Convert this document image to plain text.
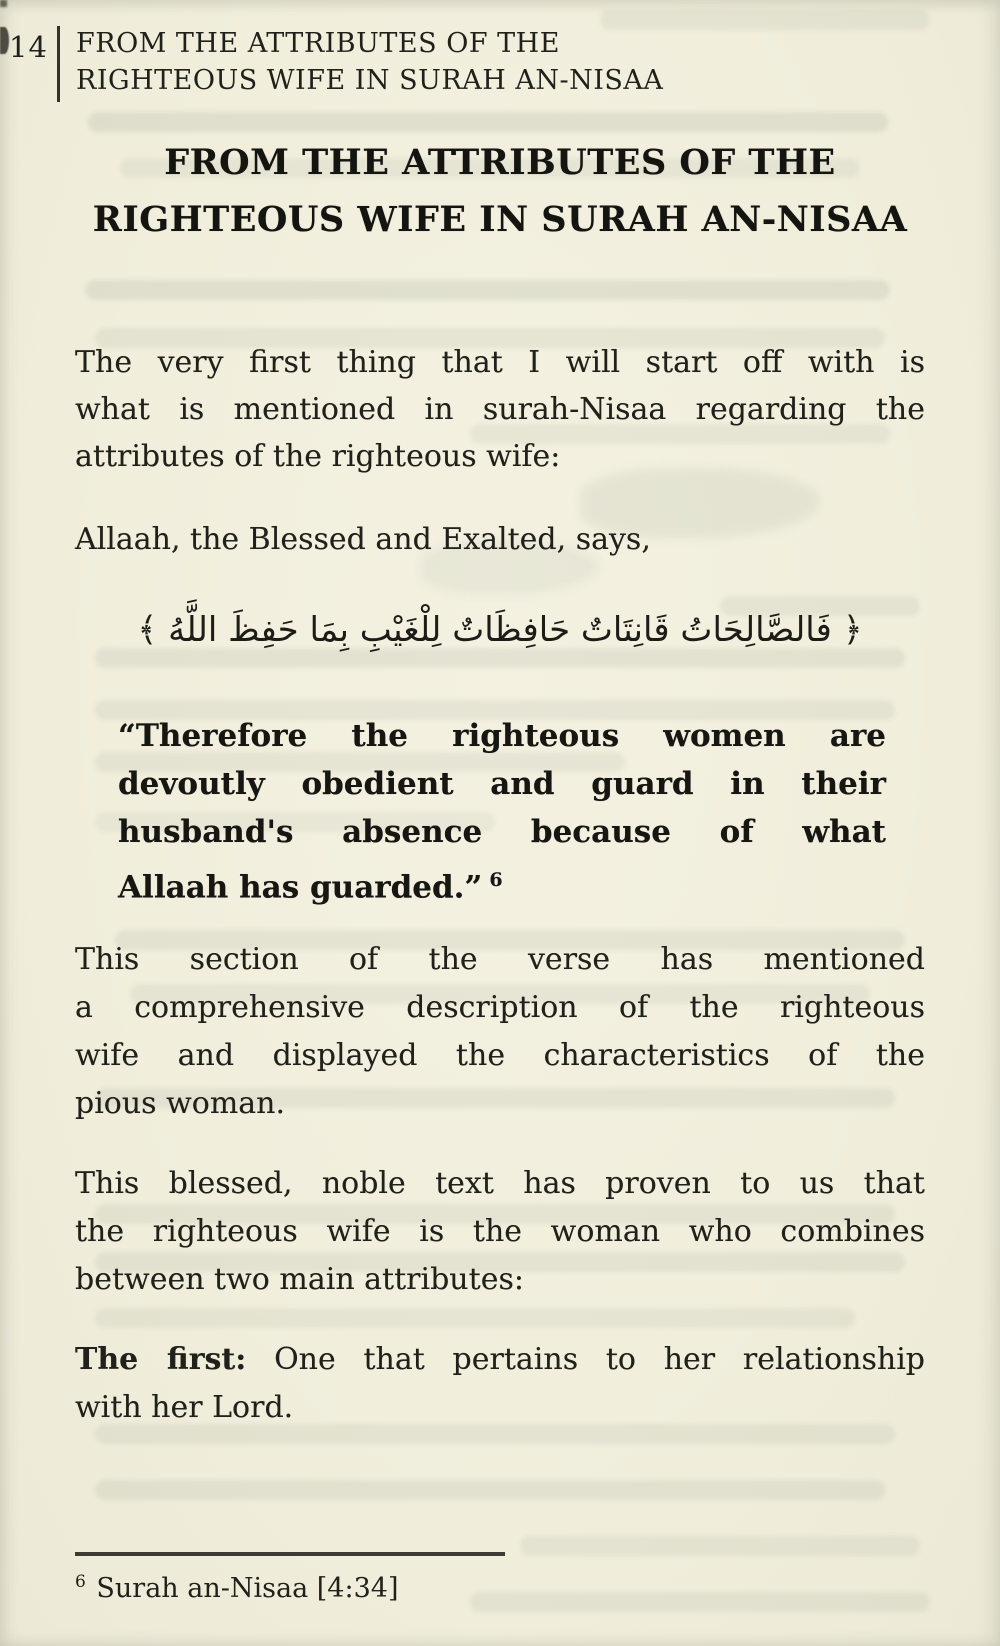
14 FROM THE ATTRIBUTES OF THE
RIGHTEOUS WIFE IN SURAH AN-NISAA
FROM THE ATTRIBUTES OF THE
RIGHTEOUS WIFE IN SURAH AN-NISAA
The very first thing that I will start off with is
what is mentioned in surah-Nisaa regarding the
attributes of the righteous wife:
Allaah, the Blessed and Exalted, says,
﴿ فَالصَّالِحَاتُ قَانِتَاتٌ حَافِظَاتٌ لِلْغَيْبِ بِمَا حَفِظَ اللَّهُ ﴾
“Therefore the righteous women are
devoutly obedient and guard in their
husband's absence because of what
Allaah has guarded.” $^6$
This section of the verse has mentioned
a comprehensive description of the righteous
wife and displayed the characteristics of the
pious woman.
This blessed, noble text has proven to us that
the righteous wife is the woman who combines
between two main attributes:
The first: One that pertains to her relationship
with her Lord.
$^6$ Surah an-Nisaa [4:34]
